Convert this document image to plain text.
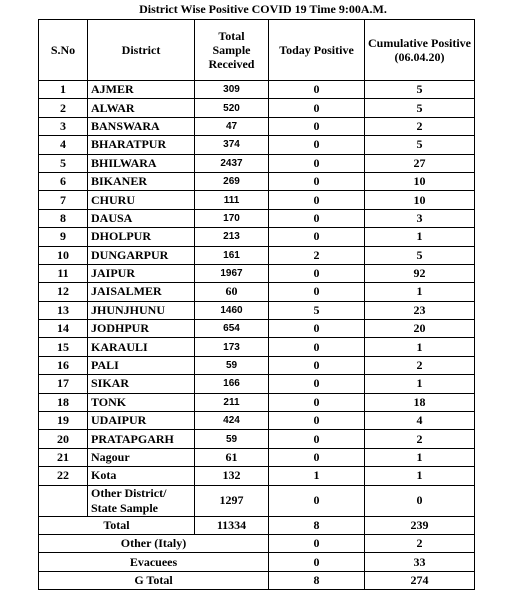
District Wise Positive COVID 19 Time 9:00A.M.
S.No	District	Total Sample Received	Today Positive	Cumulative Positive (06.04.20)
1	AJMER	309	0	5
2	ALWAR	520	0	5
3	BANSWARA	47	0	2
4	BHARATPUR	374	0	5
5	BHILWARA	2437	0	27
6	BIKANER	269	0	10
7	CHURU	111	0	10
8	DAUSA	170	0	3
9	DHOLPUR	213	0	1
10	DUNGARPUR	161	2	5
11	JAIPUR	1967	0	92
12	JAISALMER	60	0	1
13	JHUNJHUNU	1460	5	23
14	JODHPUR	654	0	20
15	KARAULI	173	0	1
16	PALI	59	0	2
17	SIKAR	166	0	1
18	TONK	211	0	18
19	UDAIPUR	424	0	4
20	PRATAPGARH	59	0	2
21	Nagour	61	0	1
22	Kota	132	1	1
	Other District/ State Sample	1297	0	0
Total		11334	8	239
Other (Italy)			0	2
Evacuees			0	33
G Total			8	274
